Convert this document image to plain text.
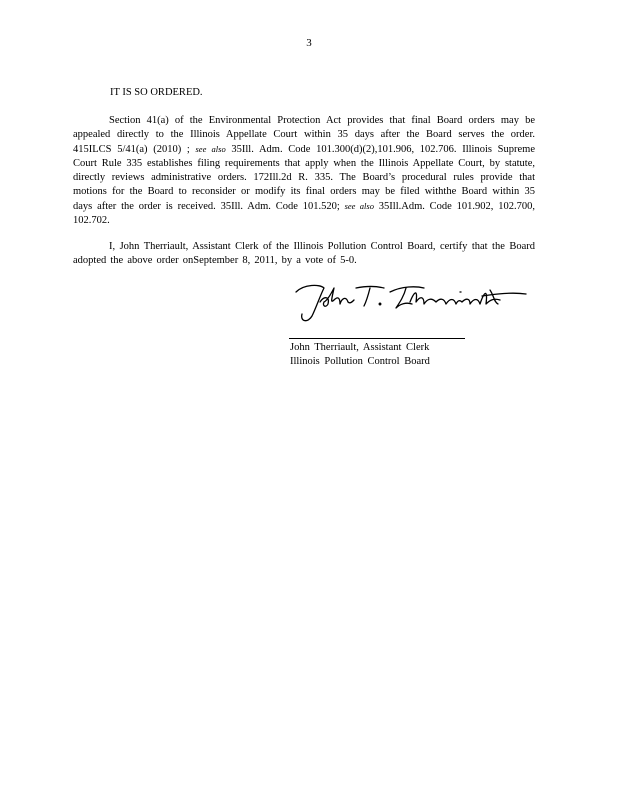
3
IT IS SO ORDERED.

Section 41(a) of the Environmental Protection Act provides that final Board orders may be appealed directly to the Illinois Appellate Court within 35 days after the Board serves the order. 415ILCS 5/41(a) (2010) ; see also 35Ill. Adm. Code 101.300(d)(2),101.906, 102.706. Illinois Supreme Court Rule 335 establishes filing requirements that apply when the Illinois Appellate Court, by statute, directly reviews administrative orders. 172Ill.2d R. 335. The Board’s procedural rules provide that motions for the Board to reconsider or modify its final orders may be filed withthe Board within 35 days after the order is received. 35Ill. Adm. Code 101.520; see also 35Ill.Adm. Code 101.902, 102.700, 102.702.

I, John Therriault, Assistant Clerk of the Illinois Pollution Control Board, certify that the Board adopted the above order onSeptember 8, 2011, by a vote of 5-0.

John Therriault, Assistant Clerk
Illinois Pollution Control Board
